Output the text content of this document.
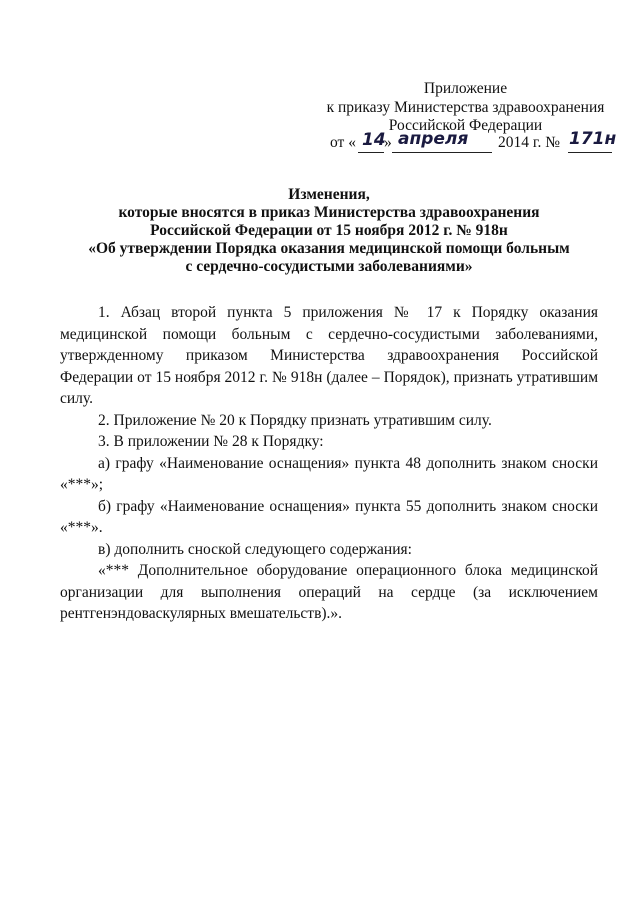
Приложение
к приказу Министерства здравоохранения
Российской Федерации
от « 14
» апреля 2014 г. № 171н
Изменения,
которые вносятся в приказ Министерства здравоохранения
Российской Федерации от 15 ноября 2012 г. № 918н
«Об утверждении Порядка оказания медицинской помощи больным
с сердечно-сосудистыми заболеваниями»

1. Абзац второй пункта 5 приложения № 17 к Порядку оказания медицинской помощи больным с сердечно-сосудистыми заболеваниями, утвержденному приказом Министерства здравоохранения Российской Федерации от 15 ноября 2012 г. № 918н (далее – Порядок), признать утратившим силу.

2. Приложение № 20 к Порядку признать утратившим силу.

3. В приложении № 28 к Порядку:

а) графу «Наименование оснащения» пункта 48 дополнить знаком сноски «***»;

б) графу «Наименование оснащения» пункта 55 дополнить знаком сноски «***».

в) дополнить сноской следующего содержания:

«*** Дополнительное оборудование операционного блока медицинской организации для выполнения операций на сердце (за исключением рентгенэндоваскулярных вмешательств).».
